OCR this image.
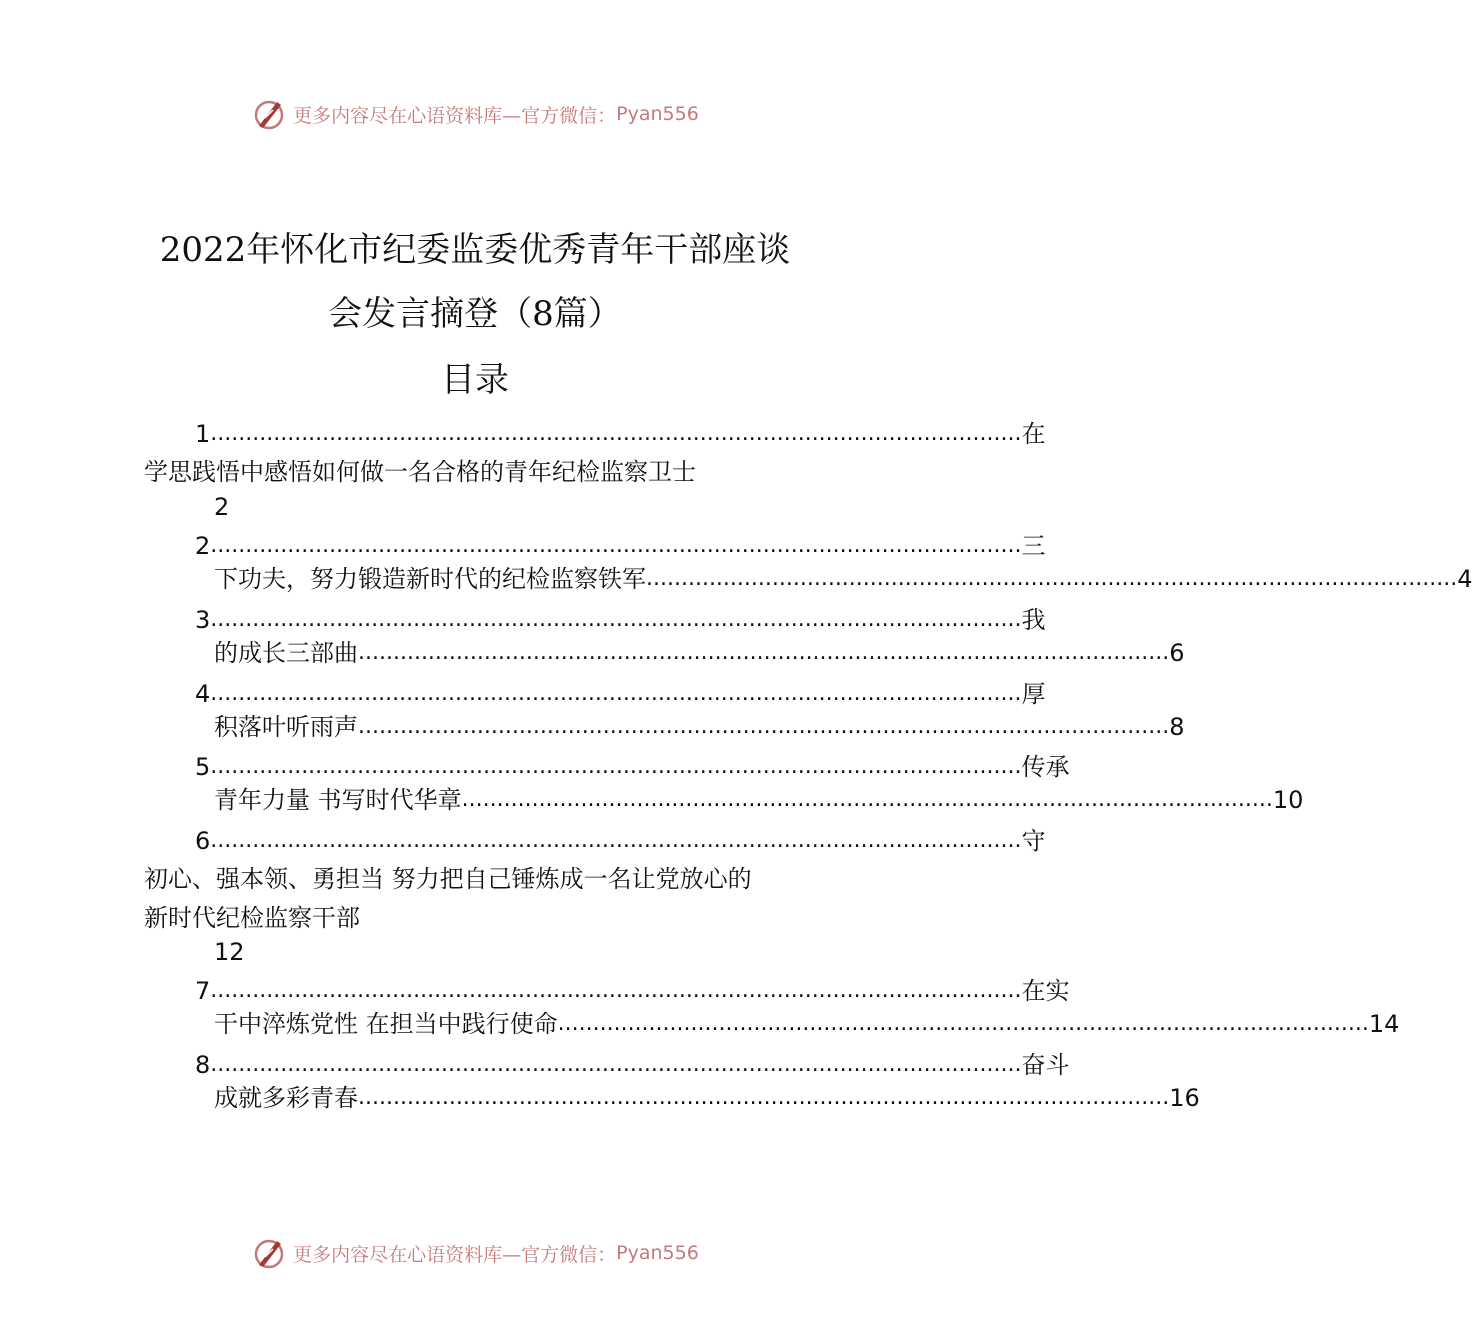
更多内容尽在心语资料库—官方微信： Pyan556
2022年怀化市纪委监委优秀青年干部座谈
会发言摘登（8篇）
目录
1 .................................................................................................................... 在
学思践悟中感悟如何做一名合格的青年纪检监察卫士
2
2 .................................................................................................................... 三
下功夫，努力锻造新时代的纪检监察铁军 .................................................................................................................... 4
3 .................................................................................................................... 我
的成长三部曲 .................................................................................................................... 6
4 .................................................................................................................... 厚
积落叶听雨声 .................................................................................................................... 8
5 .................................................................................................................... 传承
青年力量 书写时代华章 .................................................................................................................... 10
6 .................................................................................................................... 守
初心、强本领、勇担当 努力把自己锤炼成一名让党放心的
新时代纪检监察干部
12
7 .................................................................................................................... 在实
干中淬炼党性 在担当中践行使命 .................................................................................................................... 14
8 .................................................................................................................... 奋斗
成就多彩青春 .................................................................................................................... 16
更多内容尽在心语资料库—官方微信： Pyan556
